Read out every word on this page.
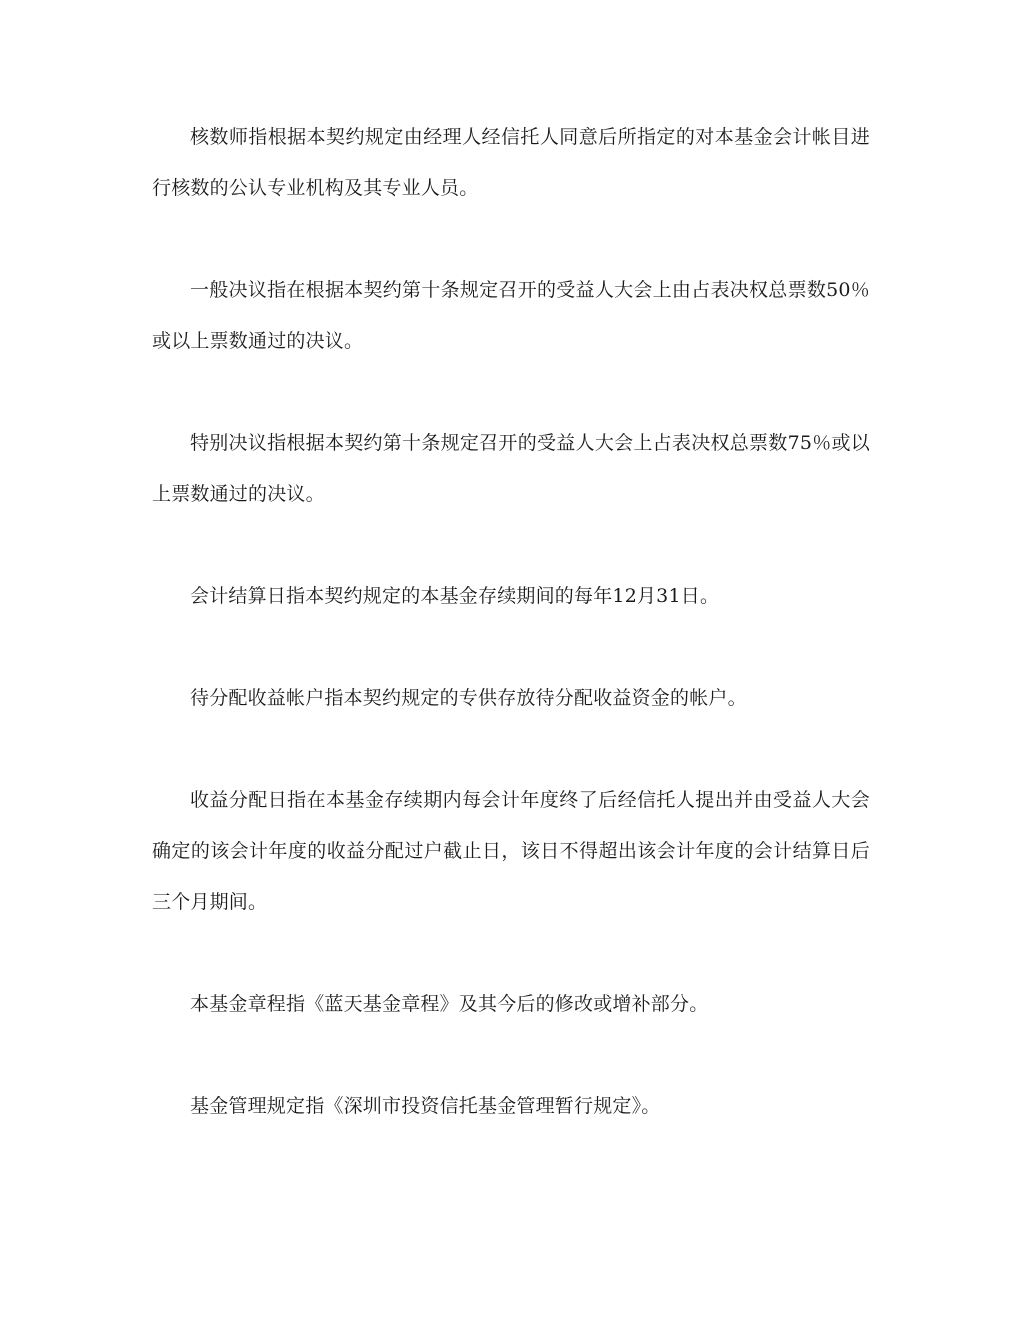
核数师指根据本契约规定由经理人经信托人同意后所指定的对本基金会计帐目进行核数的公认专业机构及其专业人员。

一般决议指在根据本契约第十条规定召开的受益人大会上由占表决权总票数50％或以上票数通过的决议。

特别决议指根据本契约第十条规定召开的受益人大会上占表决权总票数75％或以上票数通过的决议。

会计结算日指本契约规定的本基金存续期间的每年12月31日。

待分配收益帐户指本契约规定的专供存放待分配收益资金的帐户。

收益分配日指在本基金存续期内每会计年度终了后经信托人提出并由受益人大会确定的该会计年度的收益分配过户截止日，该日不得超出该会计年度的会计结算日后三个月期间。

本基金章程指《蓝天基金章程》及其今后的修改或增补部分。

基金管理规定指《深圳市投资信托基金管理暂行规定》。
